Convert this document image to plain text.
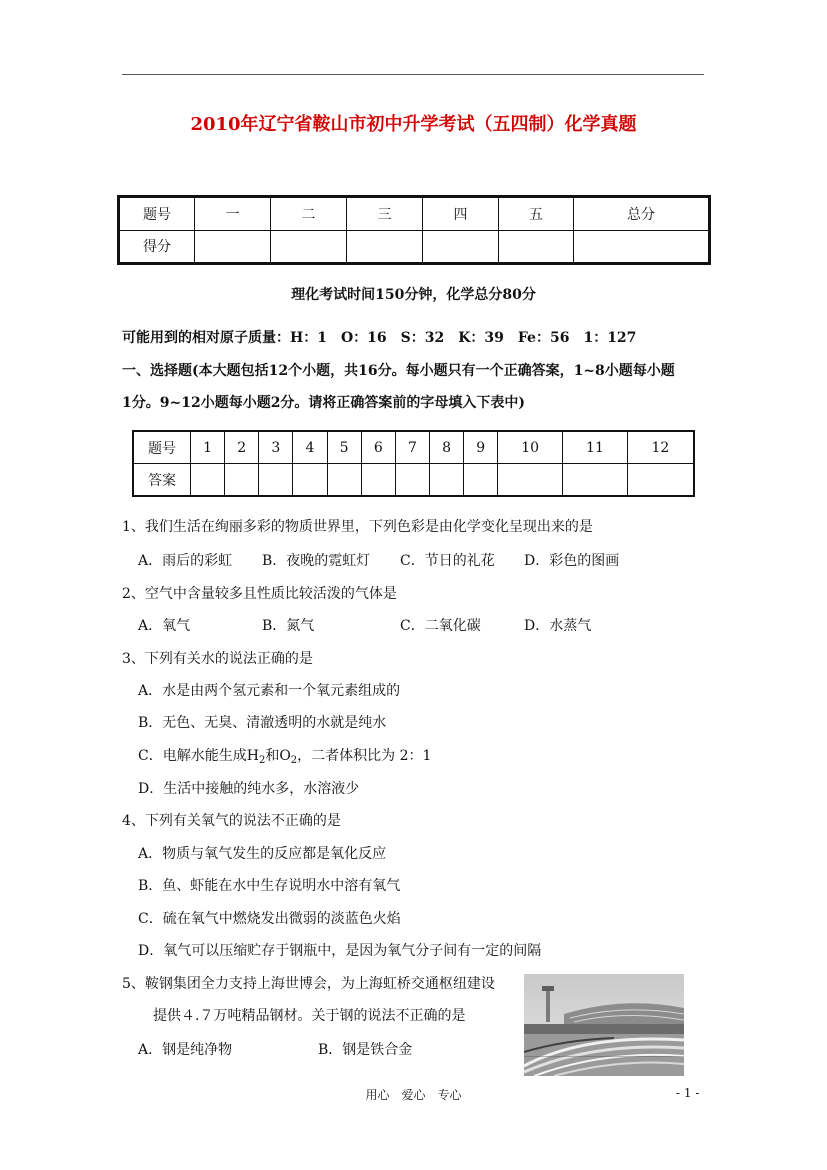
2010年辽宁省鞍山市初中升学考试（五四制）化学真题
题号	一	二	三	四	五	总分
得分						
理化考试时间150分钟，化学总分80分
可能用到的相对原子质量：H：1　O：16　S：32　K：39　Fe：56　1：127
一、选择题(本大题包括12个小题，共16分。每小题只有一个正确答案，1~8小题每小题
1分。9~12小题每小题2分。请将正确答案前的字母填入下表中)
题号	1	2	3	4	5	6	7	8	9	10	11	12
答案												
1、我们生活在绚丽多彩的物质世界里，下列色彩是由化学变化呈现出来的是
A．雨后的彩虹 B．夜晚的霓虹灯 C．节日的礼花 D．彩色的图画
2、空气中含量较多且性质比较活泼的气体是
A．氧气	B．氮气	C．二氧化碳	D．水蒸气
3、下列有关水的说法正确的是
A．水是由两个氢元素和一个氧元素组成的
B．无色、无臭、清澈透明的水就是纯水
C．电解水能生成$H_2$和$O_2$，二者体积比为 2：1
D．生活中接触的纯水多，水溶液少
4、下列有关氧气的说法不正确的是
A．物质与氧气发生的反应都是氧化反应
B．鱼、虾能在水中生存说明水中溶有氧气
C．硫在氧气中燃烧发出微弱的淡蓝色火焰
D．氧气可以压缩贮存于钢瓶中，是因为氧气分子间有一定的间隔
5、鞍钢集团全力支持上海世博会，为上海虹桥交通枢纽建设
提供４.７万吨精品钢材。关于钢的说法不正确的是
A．钢是纯净物	B．钢是铁合金
用心　爱心　专心	- 1 -
